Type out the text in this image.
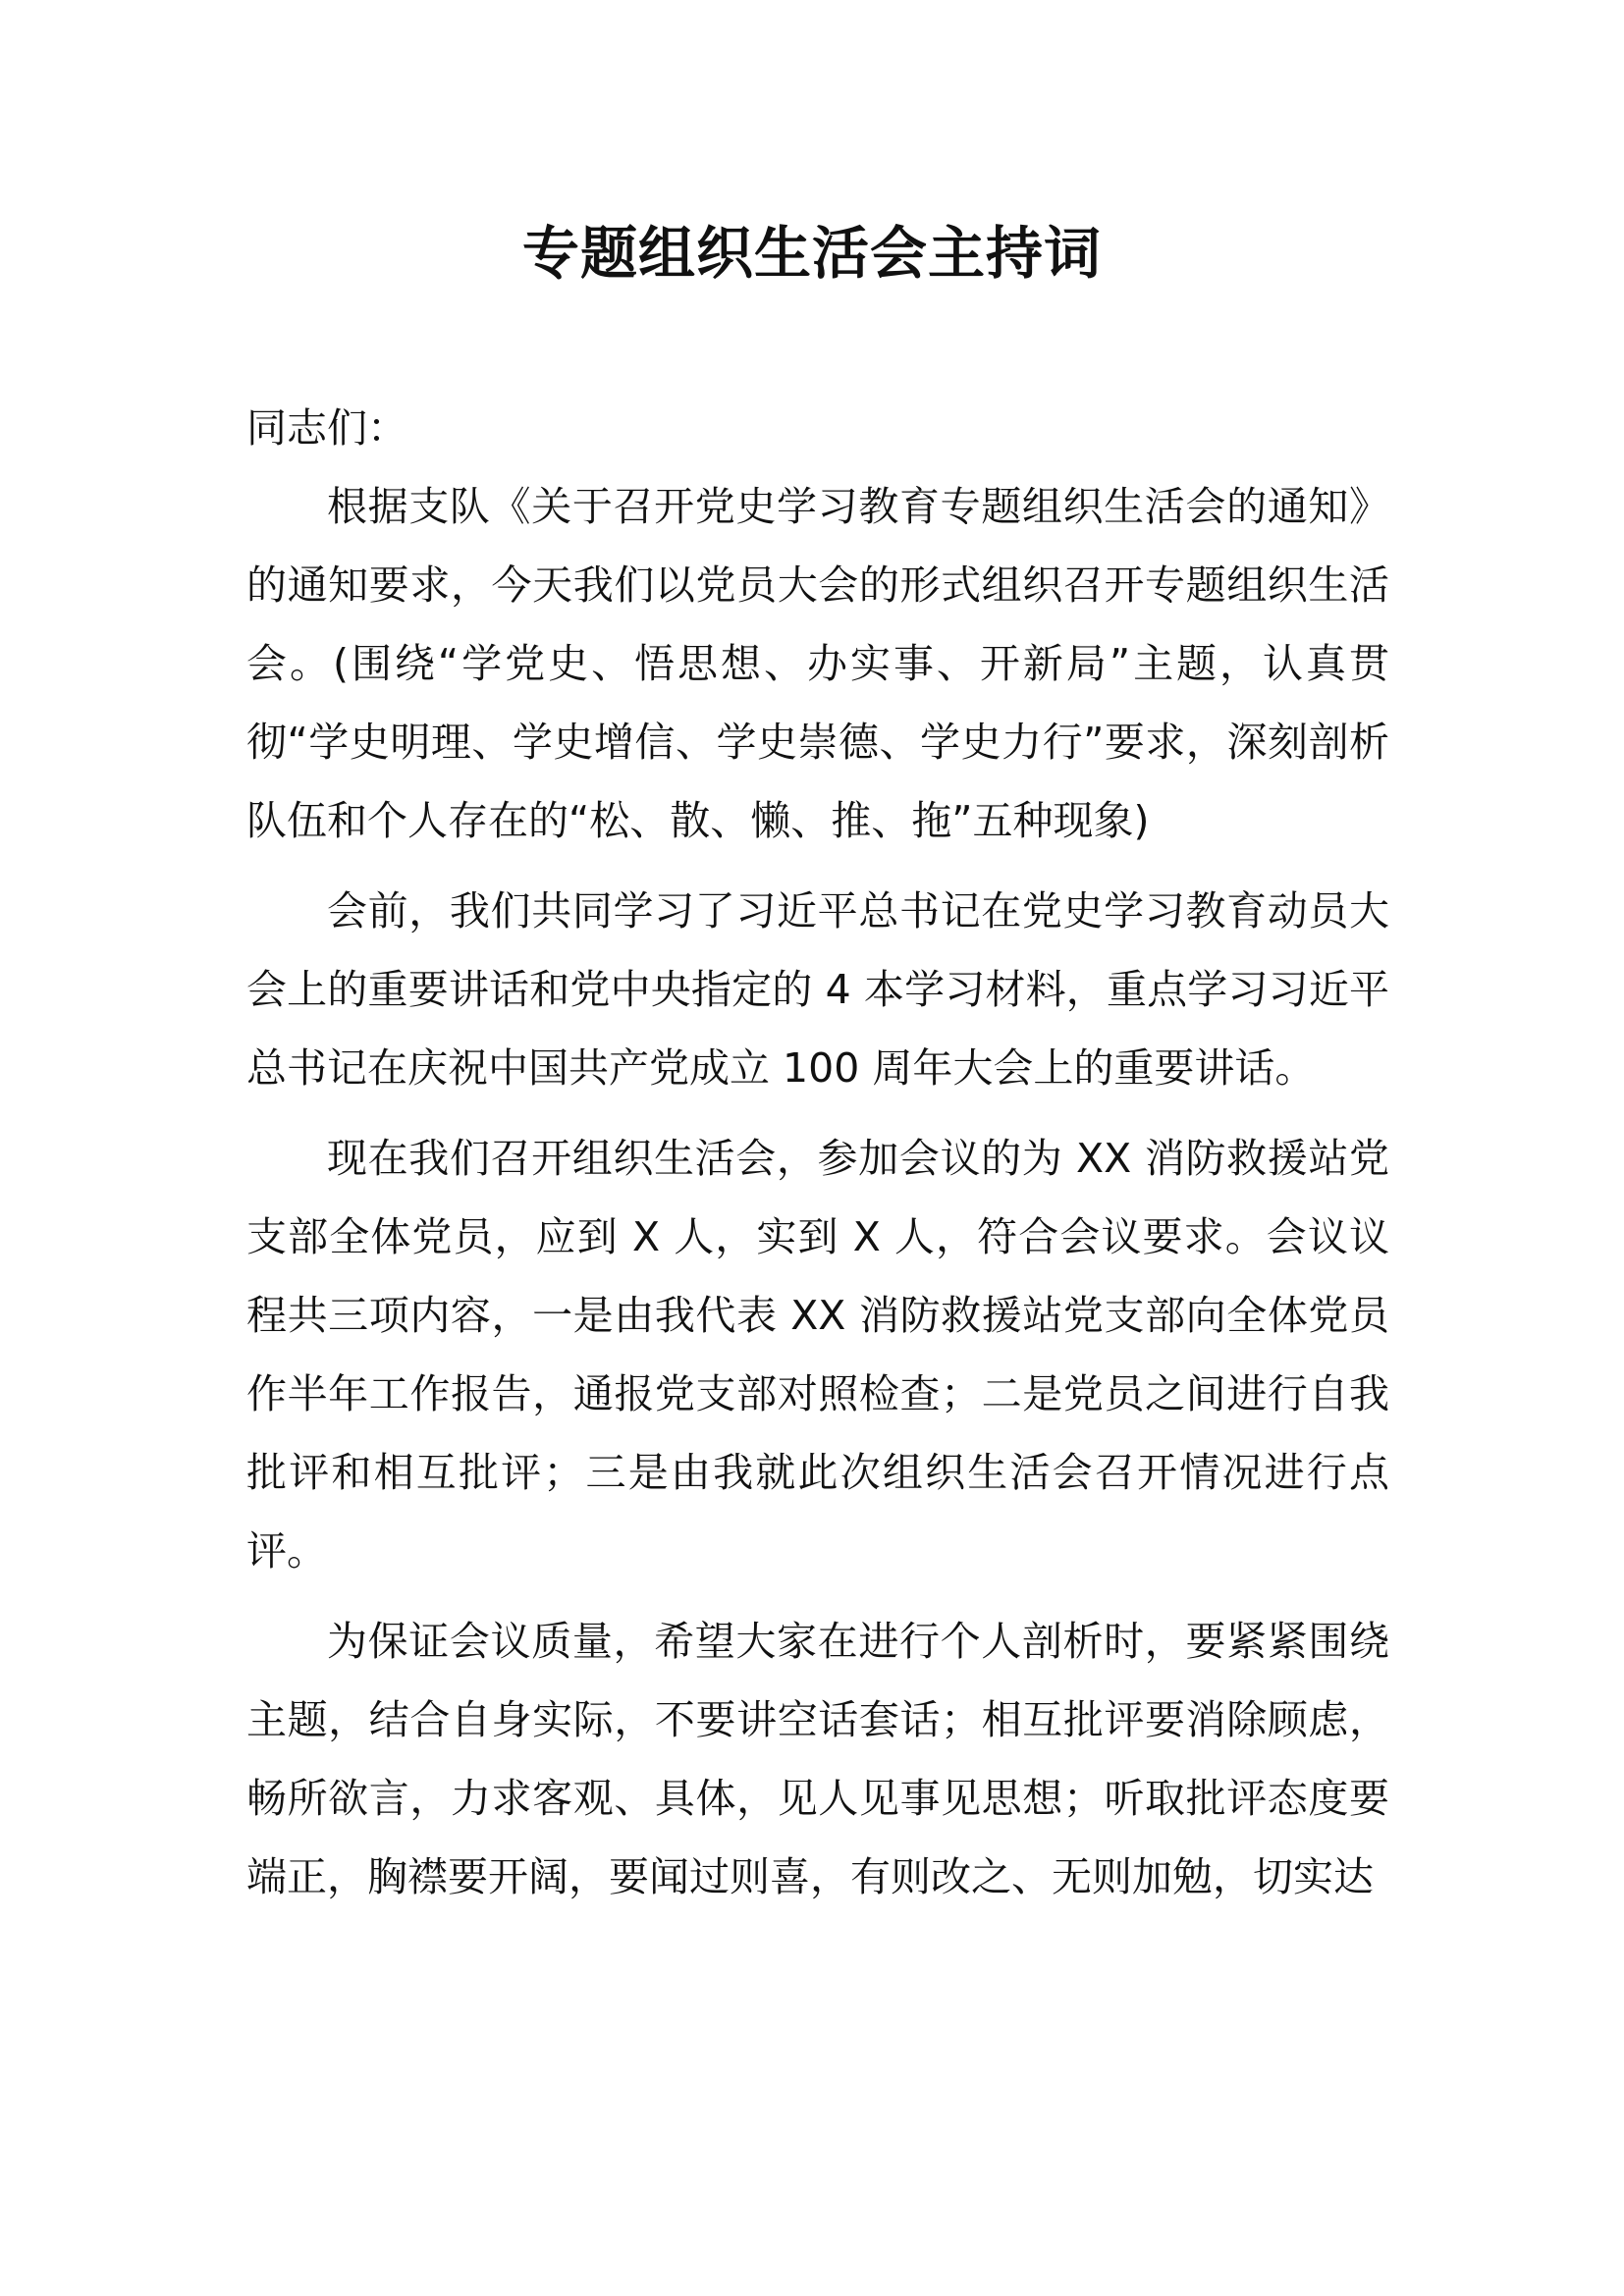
专题组织生活会主持词

同志们：

根据支队《关于召开党史学习教育专题组织生活会的通知》的通知要求，今天我们以党员大会的形式组织召开专题组织生活会。(围绕“学党史、悟思想、办实事、开新局”主题，认真贯彻“学史明理、学史增信、学史崇德、学史力行”要求，深刻剖析队伍和个人存在的“松、散、懒、推、拖”五种现象)

会前，我们共同学习了习近平总书记在党史学习教育动员大会上的重要讲话和党中央指定的 4 本学习材料，重点学习习近平总书记在庆祝中国共产党成立 100 周年大会上的重要讲话。

现在我们召开组织生活会，参加会议的为 XX 消防救援站党支部全体党员，应到 X 人，实到 X 人，符合会议要求。会议议程共三项内容，一是由我代表 XX 消防救援站党支部向全体党员作半年工作报告，通报党支部对照检查；二是党员之间进行自我批评和相互批评；三是由我就此次组织生活会召开情况进行点评。

为保证会议质量，希望大家在进行个人剖析时，要紧紧围绕主题，结合自身实际，不要讲空话套话；相互批评要消除顾虑，畅所欲言，力求客观、具体，见人见事见思想；听取批评态度要端正，胸襟要开阔，要闻过则喜，有则改之、无则加勉，切实达
